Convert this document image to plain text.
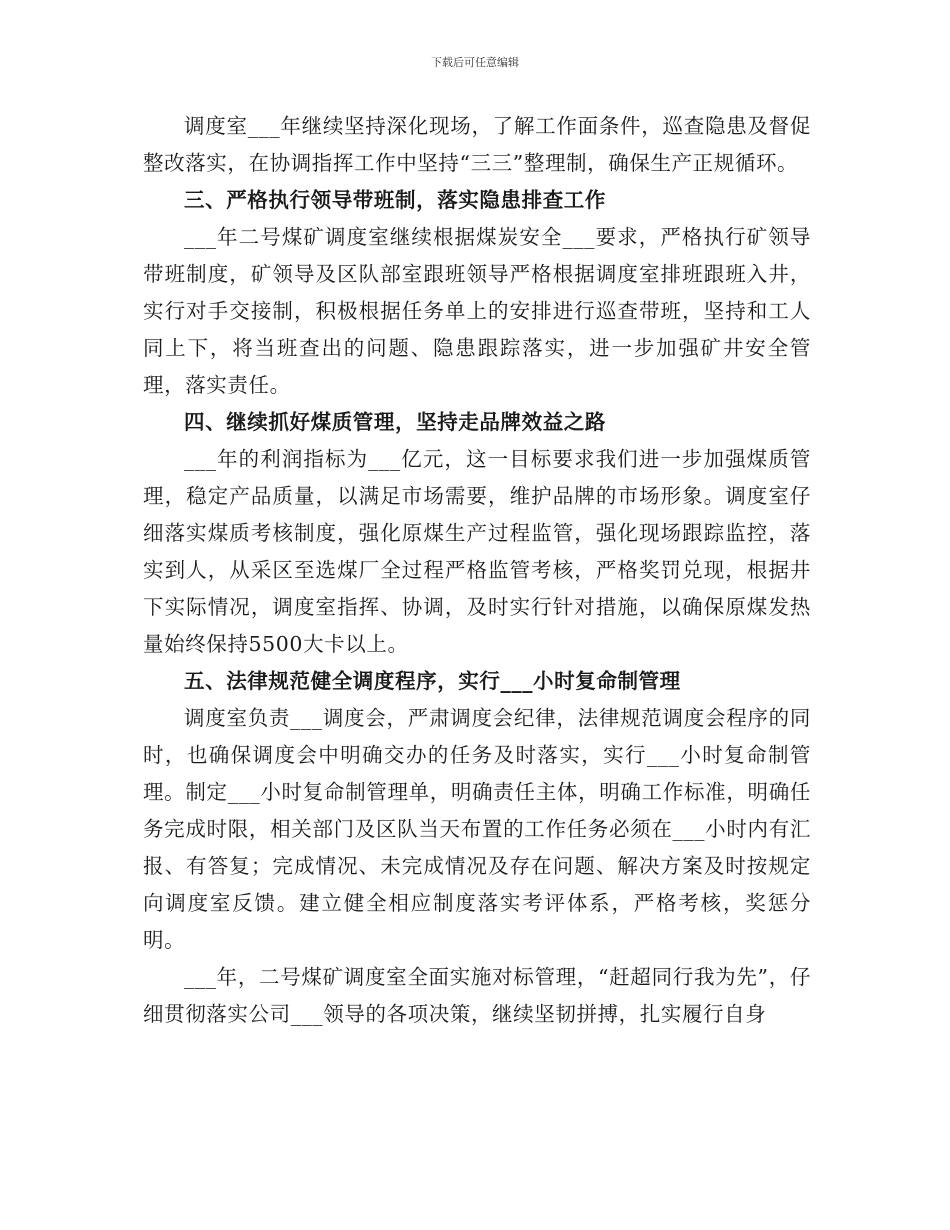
下载后可任意编辑

调度室___年继续坚持深化现场，了解工作面条件，巡查隐患及督促整改落实，在协调指挥工作中坚持“三三”整理制，确保生产正规循环。

三、严格执行领导带班制，落实隐患排查工作

___年二号煤矿调度室继续根据煤炭安全___要求，严格执行矿领导带班制度，矿领导及区队部室跟班领导严格根据调度室排班跟班入井，实行对手交接制，积极根据任务单上的安排进行巡查带班，坚持和工人同上下，将当班查出的问题、隐患跟踪落实，进一步加强矿井安全管理，落实责任。

四、继续抓好煤质管理，坚持走品牌效益之路

___年的利润指标为___亿元，这一目标要求我们进一步加强煤质管理，稳定产品质量，以满足市场需要，维护品牌的市场形象。调度室仔细落实煤质考核制度，强化原煤生产过程监管，强化现场跟踪监控，落实到人，从采区至选煤厂全过程严格监管考核，严格奖罚兑现，根据井下实际情况，调度室指挥、协调，及时实行针对措施，以确保原煤发热量始终保持5500大卡以上。

五、法律规范健全调度程序，实行___小时复命制管理

调度室负责___调度会，严肃调度会纪律，法律规范调度会程序的同时，也确保调度会中明确交办的任务及时落实，实行___小时复命制管理。制定___小时复命制管理单，明确责任主体，明确工作标准，明确任务完成时限，相关部门及区队当天布置的工作任务必须在___小时内有汇报、有答复；完成情况、未完成情况及存在问题、解决方案及时按规定向调度室反馈。建立健全相应制度落实考评体系，严格考核，奖惩分明。

___年，二号煤矿调度室全面实施对标管理，“赶超同行我为先”，仔细贯彻落实公司___领导的各项决策，继续坚韧拼搏，扎实履行自身
